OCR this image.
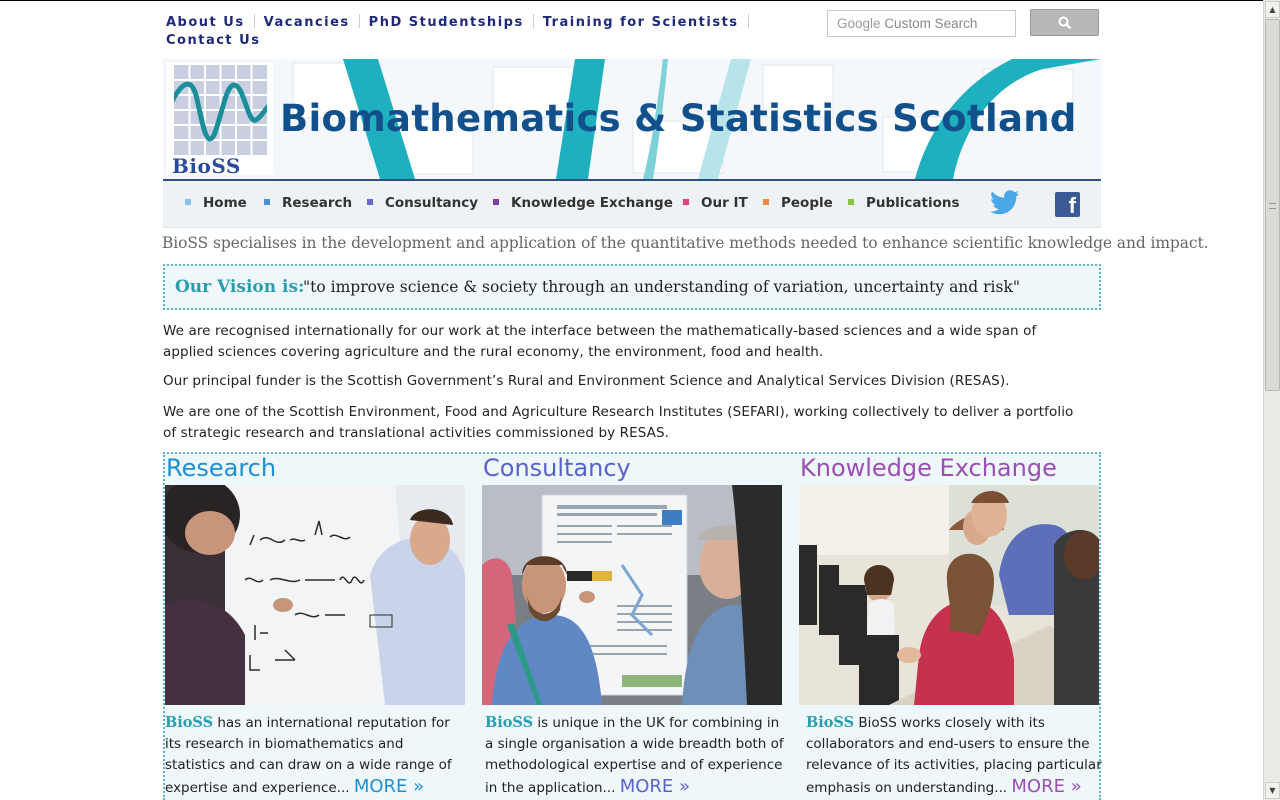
About Us Vacancies PhD Studentships Training for Scientists
Contact Us
Google Custom Search
BioSS
Biomathematics & Statistics Scotland
Home	Research	Consultancy	Knowledge Exchange	Our IT	People	Publications	f
BioSS specialises in the development and application of the quantitative methods needed to enhance scientific knowledge and impact.
Our Vision is:
"to improve science & society through an understanding of variation, uncertainty and risk"

We are recognised internationally for our work at the interface between the mathematically-based sciences and a wide span of applied sciences covering agriculture and the rural economy, the environment, food and health.

Our principal funder is the Scottish Government’s Rural and Environment Science and Analytical Services Division (RESAS).

We are one of the Scottish Environment, Food and Agriculture Research Institutes (SEFARI), working collectively to deliver a portfolio of strategic research and translational activities commissioned by RESAS.

Research
BioSS has an international reputation for its research in biomathematics and statistics and can draw on a wide range of expertise and experience... MORE »
Consultancy
BioSS is unique in the UK for combining in a single organisation a wide breadth both of methodological expertise and of experience in the application... MORE »
Knowledge Exchange
BioSS BioSS works closely with its collaborators and end-users to ensure the relevance of its activities, placing particular emphasis on understanding... MORE »
▲
▼
